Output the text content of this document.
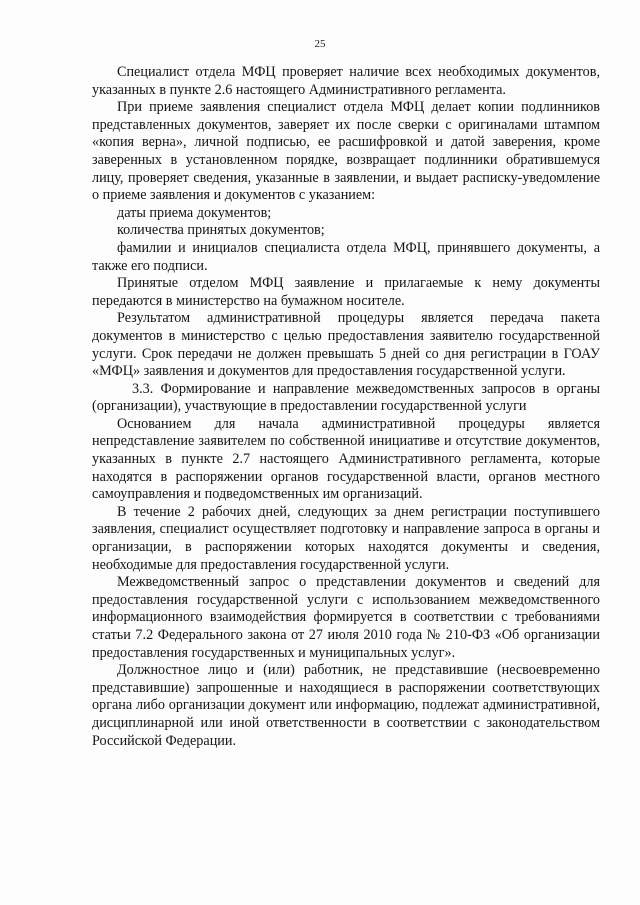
25

Специалист отдела МФЦ проверяет наличие всех необходимых документов, указанных в пункте 2.6 настоящего Административного регламента.

При приеме заявления специалист отдела МФЦ делает копии подлинников представленных документов, заверяет их после сверки с оригиналами штампом «копия верна», личной подписью, ее расшифровкой и датой заверения, кроме заверенных в установленном порядке, возвращает подлинники обратившемуся лицу, проверяет сведения, указанные в заявлении, и выдает расписку-уведомление о приеме заявления и документов с указанием:

даты приема документов;

количества принятых документов;

фамилии и инициалов специалиста отдела МФЦ, принявшего документы, а также его подписи.

Принятые отделом МФЦ заявление и прилагаемые к нему документы передаются в министерство на бумажном носителе.

Результатом административной процедуры является передача пакета документов в министерство с целью предоставления заявителю государственной услуги. Срок передачи не должен превышать 5 дней со дня регистрации в ГОАУ «МФЦ» заявления и документов для предоставления государственной услуги.

3.3. Формирование и направление межведомственных запросов в органы (организации), участвующие в предоставлении государственной услуги

Основанием для начала административной процедуры является непредставление заявителем по собственной инициативе и отсутствие документов, указанных в пункте 2.7 настоящего Административного регламента, которые находятся в распоряжении органов государственной власти, органов местного самоуправления и подведомственных им организаций.

В течение 2 рабочих дней, следующих за днем регистрации поступившего заявления, специалист осуществляет подготовку и направление запроса в органы и организации, в распоряжении которых находятся документы и сведения, необходимые для предоставления государственной услуги.

Межведомственный запрос о представлении документов и сведений для предоставления государственной услуги с использованием межведомственного информационного взаимодействия формируется в соответствии с требованиями статьи 7.2 Федерального закона от 27 июля 2010 года № 210-ФЗ «Об организации предоставления государственных и муниципальных услуг».

Должностное лицо и (или) работник, не представившие (несвоевременно представившие) запрошенные и находящиеся в распоряжении соответствующих органа либо организации документ или информацию, подлежат административной, дисциплинарной или иной ответственности в соответствии с законодательством Российской Федерации.
